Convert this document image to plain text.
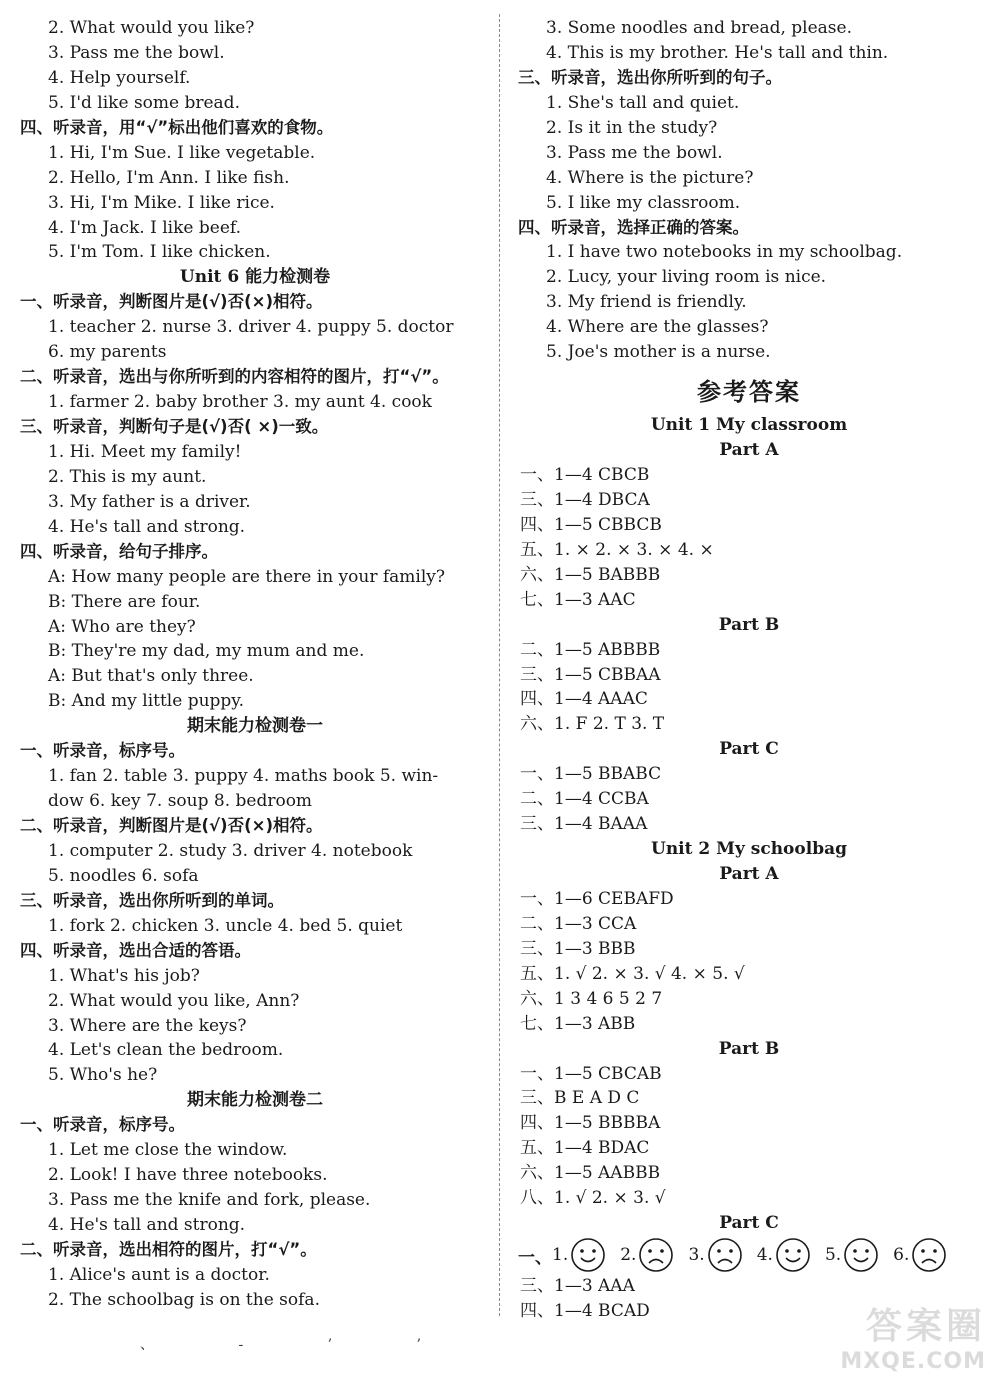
2. What would you like?
3. Pass me the bowl.
4. Help yourself.
5. I'd like some bread.
四、听录音，用“√”标出他们喜欢的食物。
1. Hi, I'm Sue. I like vegetable.
2. Hello, I'm Ann. I like fish.
3. Hi, I'm Mike. I like rice.
4. I'm Jack. I like beef.
5. I'm Tom. I like chicken.
Unit 6 能力检测卷
一、听录音，判断图片是(√)否(×)相符。
1. teacher 2. nurse 3. driver 4. puppy 5. doctor
6. my parents
二、听录音，选出与你所听到的内容相符的图片，打“√”。
1. farmer 2. baby brother 3. my aunt 4. cook
三、听录音，判断句子是(√)否( ×)一致。
1. Hi. Meet my family!
2. This is my aunt.
3. My father is a driver.
4. He's tall and strong.
四、听录音，给句子排序。
A: How many people are there in your family?
B: There are four.
A: Who are they?
B: They're my dad, my mum and me.
A: But that's only three.
B: And my little puppy.
期末能力检测卷一
一、听录音，标序号。
1. fan 2. table 3. puppy 4. maths book 5. win-
dow 6. key 7. soup 8. bedroom
二、听录音，判断图片是(√)否(×)相符。
1. computer 2. study 3. driver 4. notebook
5. noodles 6. sofa
三、听录音，选出你所听到的单词。
1. fork 2. chicken 3. uncle 4. bed 5. quiet
四、听录音，选出合适的答语。
1. What's his job?
2. What would you like, Ann?
3. Where are the keys?
4. Let's clean the bedroom.
5. Who's he?
期末能力检测卷二
一、听录音，标序号。
1. Let me close the window.
2. Look! I have three notebooks.
3. Pass me the knife and fork, please.
4. He's tall and strong.
二、听录音，选出相符的图片，打“√”。
1. Alice's aunt is a doctor.
2. The schoolbag is on the sofa.
3. Some noodles and bread, please.
4. This is my brother. He's tall and thin.
三、听录音，选出你所听到的句子。
1. She's tall and quiet.
2. Is it in the study?
3. Pass me the bowl.
4. Where is the picture?
5. I like my classroom.
四、听录音，选择正确的答案。
1. I have two notebooks in my schoolbag.
2. Lucy, your living room is nice.
3. My friend is friendly.
4. Where are the glasses?
5. Joe's mother is a nurse.
参考答案
Unit 1 My classroom
Part A
一、1—4 CBCB
三、1—4 DBCA
四、1—5 CBBCB
五、1. × 2. × 3. × 4. ×
六、1—5 BABBB
七、1—3 AAC
Part B
二、1—5 ABBBB
三、1—5 CBBAA
四、1—4 AAAC
六、1. F 2. T 3. T
Part C
一、1—5 BBABC
二、1—4 CCBA
三、1—4 BAAA
Unit 2 My schoolbag
Part A
一、1—6 CEBAFD
二、1—3 CCA
三、1—3 BBB
五、1. √ 2. × 3. √ 4. × 5. √
六、1 3 4 6 5 2 7
七、1—3 ABB
Part B
一、1—5 CBCAB
三、B E A D C
四、1—5 BBBBA
五、1—4 BDAC
六、1—5 AABBB
八、1. √ 2. × 3. √
Part C
一、 1.	2.	3.	4.	5.	6.
三、1—3 AAA
四、1—4 BCAD
、 - ’ ’	答案圈
MXQE.COM
